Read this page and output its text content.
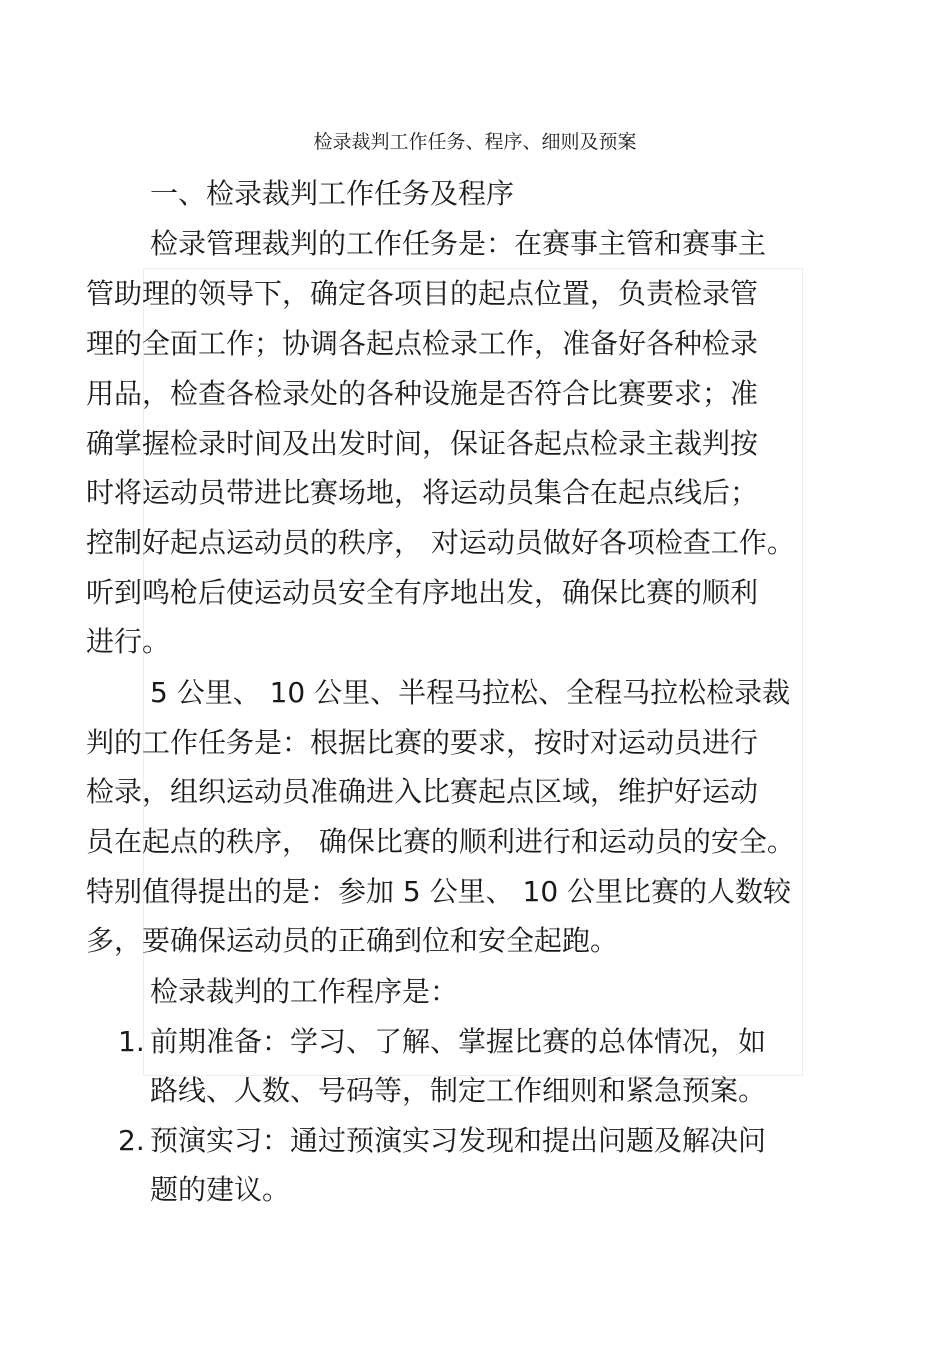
检录裁判工作任务、程序、细则及预案
一、检录裁判工作任务及程序
检录管理裁判的工作任务是：在赛事主管和赛事主
管助理的领导下，确定各项目的起点位置，负责检录管
理的全面工作；协调各起点检录工作，准备好各种检录
用品，检查各检录处的各种设施是否符合比赛要求；准
确掌握检录时间及出发时间，保证各起点检录主裁判按
时将运动员带进比赛场地，将运动员集合在起点线后；
控制好起点运动员的秩序， 对运动员做好各项检查工作。
听到鸣枪后使运动员安全有序地出发，确保比赛的顺利
进行。
5 公里、 10 公里、半程马拉松、全程马拉松检录裁
判的工作任务是：根据比赛的要求，按时对运动员进行
检录，组织运动员准确进入比赛起点区域，维护好运动
员在起点的秩序， 确保比赛的顺利进行和运动员的安全。
特别值得提出的是：参加 5 公里、 10 公里比赛的人数较
多，要确保运动员的正确到位和安全起跑。
检录裁判的工作程序是：
1. 前期准备：学习、了解、掌握比赛的总体情况，如
路线、人数、号码等，制定工作细则和紧急预案。
2. 预演实习：通过预演实习发现和提出问题及解决问
题的建议。
